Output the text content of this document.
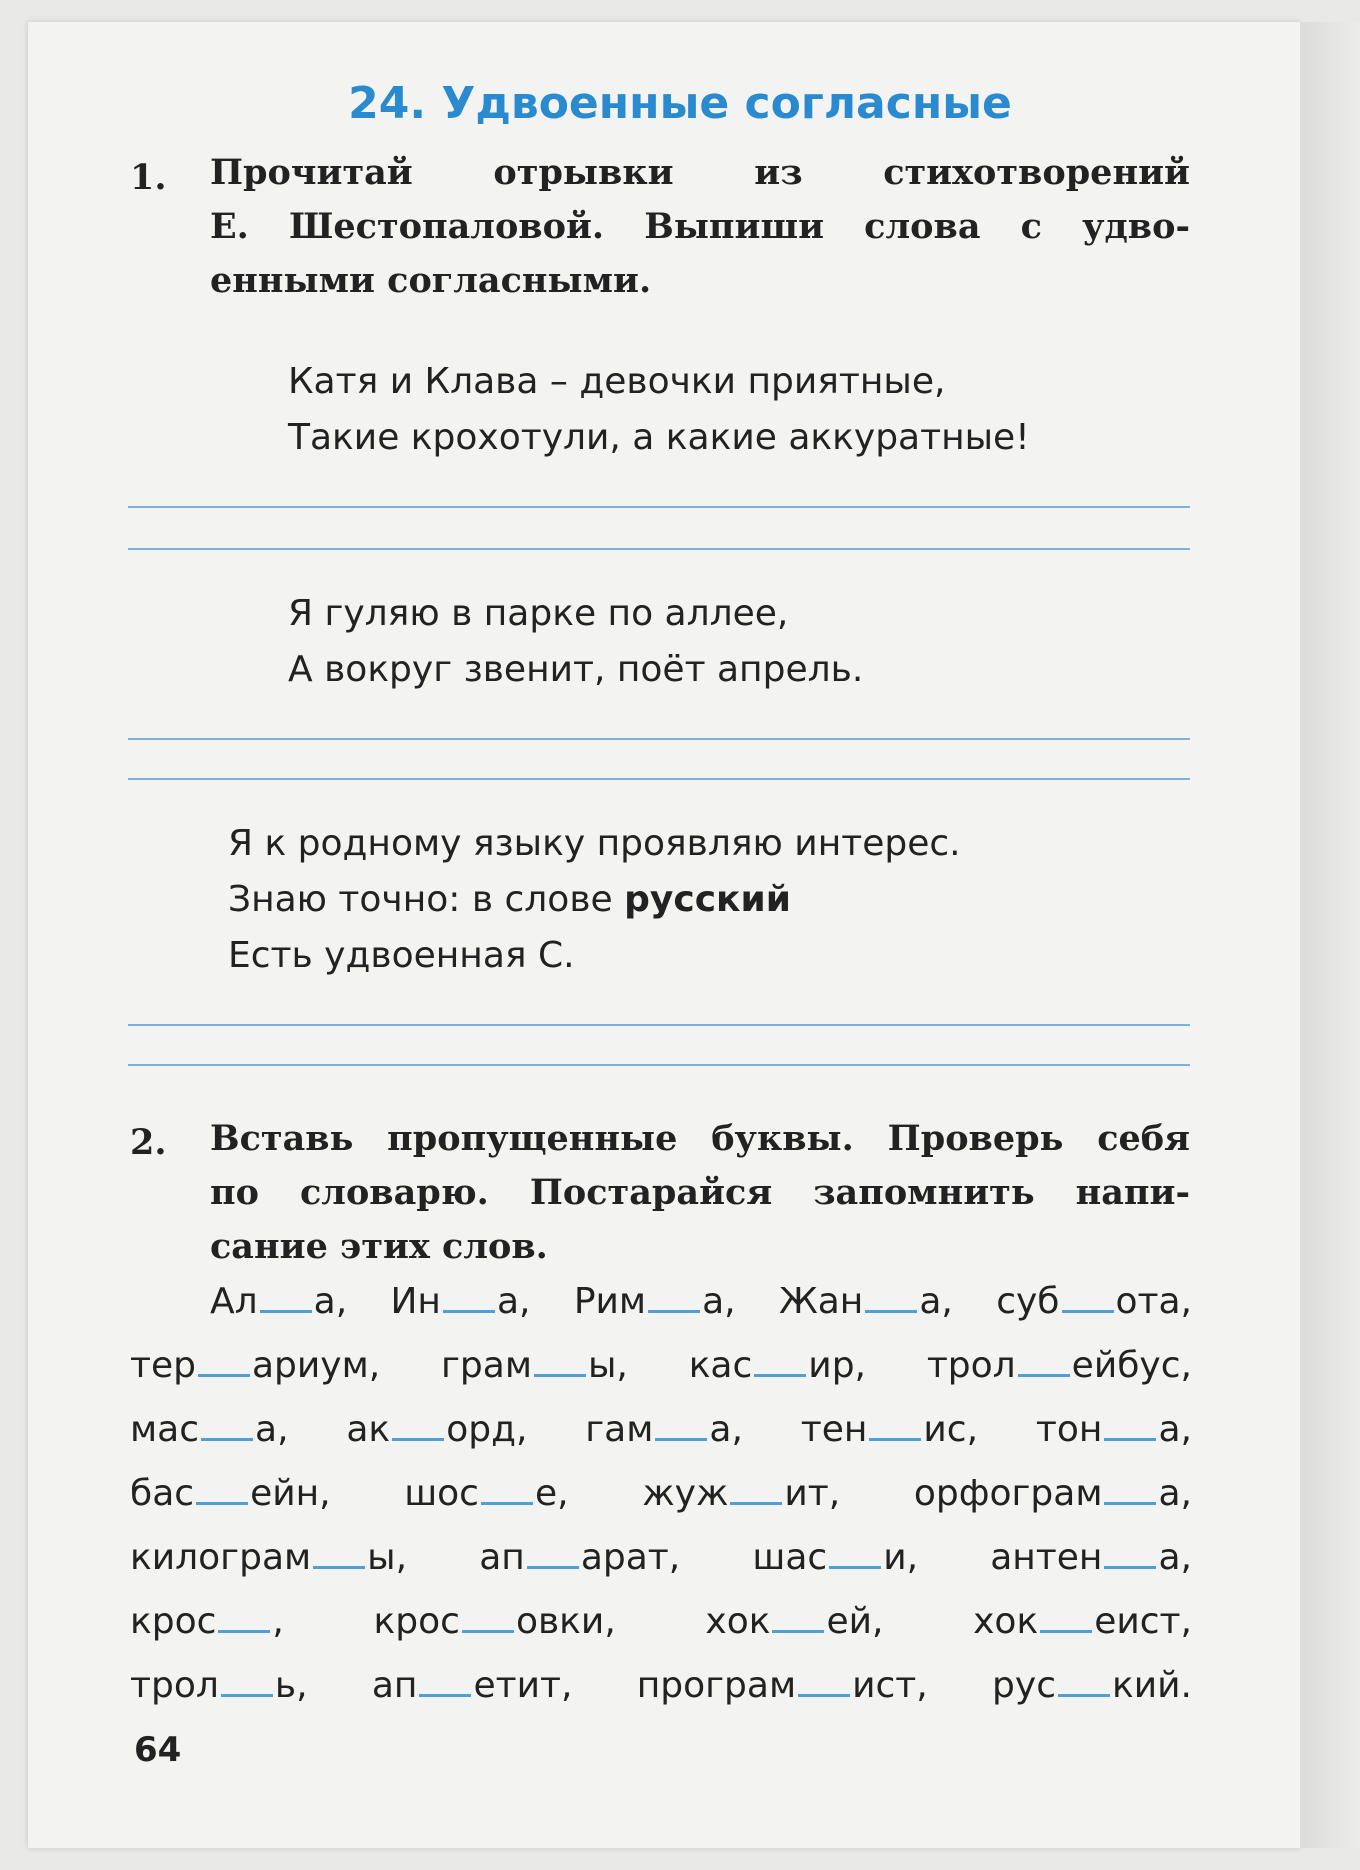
24. Удвоенные согласные
1. Прочитай отрывки из стихотворений
Е. Шестопаловой. Выпиши слова с удво-
енными согласными.
Катя и Клава – девочки приятные,
Такие крохотули, а какие аккуратные!
Я гуляю в парке по аллее,
А вокруг звенит, поёт апрель.
Я к родному языку проявляю интерес.
Знаю точно: в слове русский
Есть удвоенная С.
2. Вставь пропущенные буквы. Проверь себя
по словарю. Постарайся запомнить напи-
сание этих слов.
Ал а, Ин а, Рим а, Жан а, суб ота,
тер ариум, грам ы, кас ир, трол ейбус,
мас а, ак орд, гам а, тен ис, тон а,
бас ейн, шос е, жуж ит, орфограм а,
килограм ы, ап арат, шас и, антен а,
крос , крос овки, хок ей, хок еист,
трол ь, ап етит, програм ист, рус кий.
64
